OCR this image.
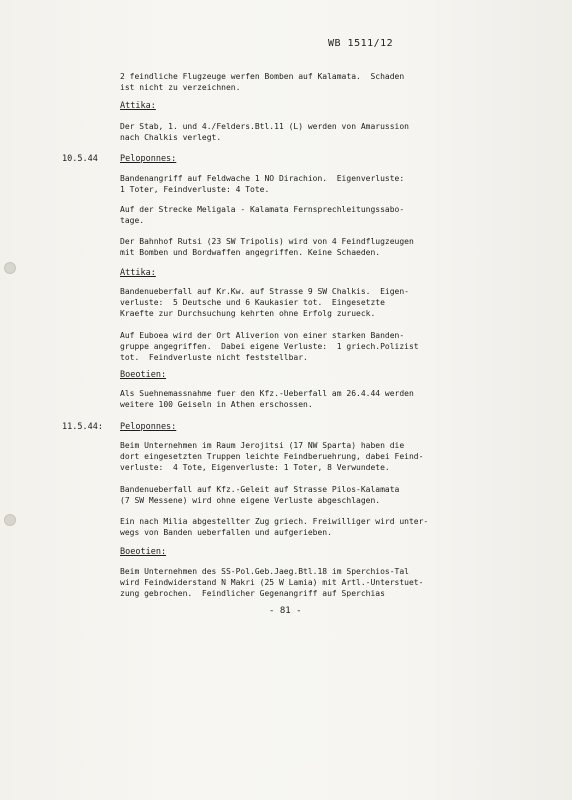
WB 1511/12
2 feindliche Flugzeuge werfen Bomben auf Kalamata.  Schaden
ist nicht zu verzeichnen.
Attika:
Der Stab, 1. und 4./Felders.Btl.11 (L) werden von Amarussion
nach Chalkis verlegt.
10.5.44	Peloponnes:
Bandenangriff auf Feldwache 1 NO Dirachion.  Eigenverluste:
1 Toter, Feindverluste: 4 Tote.
Auf der Strecke Meligala - Kalamata Fernsprechleitungssabo-
tage.
Der Bahnhof Rutsi (23 SW Tripolis) wird von 4 Feindflugzeugen
mit Bomben und Bordwaffen angegriffen. Keine Schaeden.
Attika:
Bandenueberfall auf Kr.Kw. auf Strasse 9 SW Chalkis.  Eigen-
verluste:  5 Deutsche und 6 Kaukasier tot.  Eingesetzte
Kraefte zur Durchsuchung kehrten ohne Erfolg zurueck.
Auf Euboea wird der Ort Aliverion von einer starken Banden-
gruppe angegriffen.  Dabei eigene Verluste:  1 griech.Polizist
tot.  Feindverluste nicht feststellbar.
Boeotien:
Als Suehnemassnahme fuer den Kfz.-Ueberfall am 26.4.44 werden
weitere 100 Geiseln in Athen erschossen.
11.5.44: Peloponnes:
Beim Unternehmen im Raum Jerojitsi (17 NW Sparta) haben die
dort eingesetzten Truppen leichte Feindberuehrung, dabei Feind-
verluste:  4 Tote, Eigenverluste: 1 Toter, 8 Verwundete.
Bandenueberfall auf Kfz.-Geleit auf Strasse Pilos-Kalamata
(7 SW Messene) wird ohne eigene Verluste abgeschlagen.
Ein nach Milia abgestellter Zug griech. Freiwilliger wird unter-
wegs von Banden ueberfallen und aufgerieben.
Boeotien:
Beim Unternehmen des SS-Pol.Geb.Jaeg.Btl.18 im Sperchios-Tal
wird Feindwiderstand N Makri (25 W Lamia) mit Artl.-Unterstuet-
zung gebrochen.  Feindlicher Gegenangriff auf Sperchias
- 81 -
